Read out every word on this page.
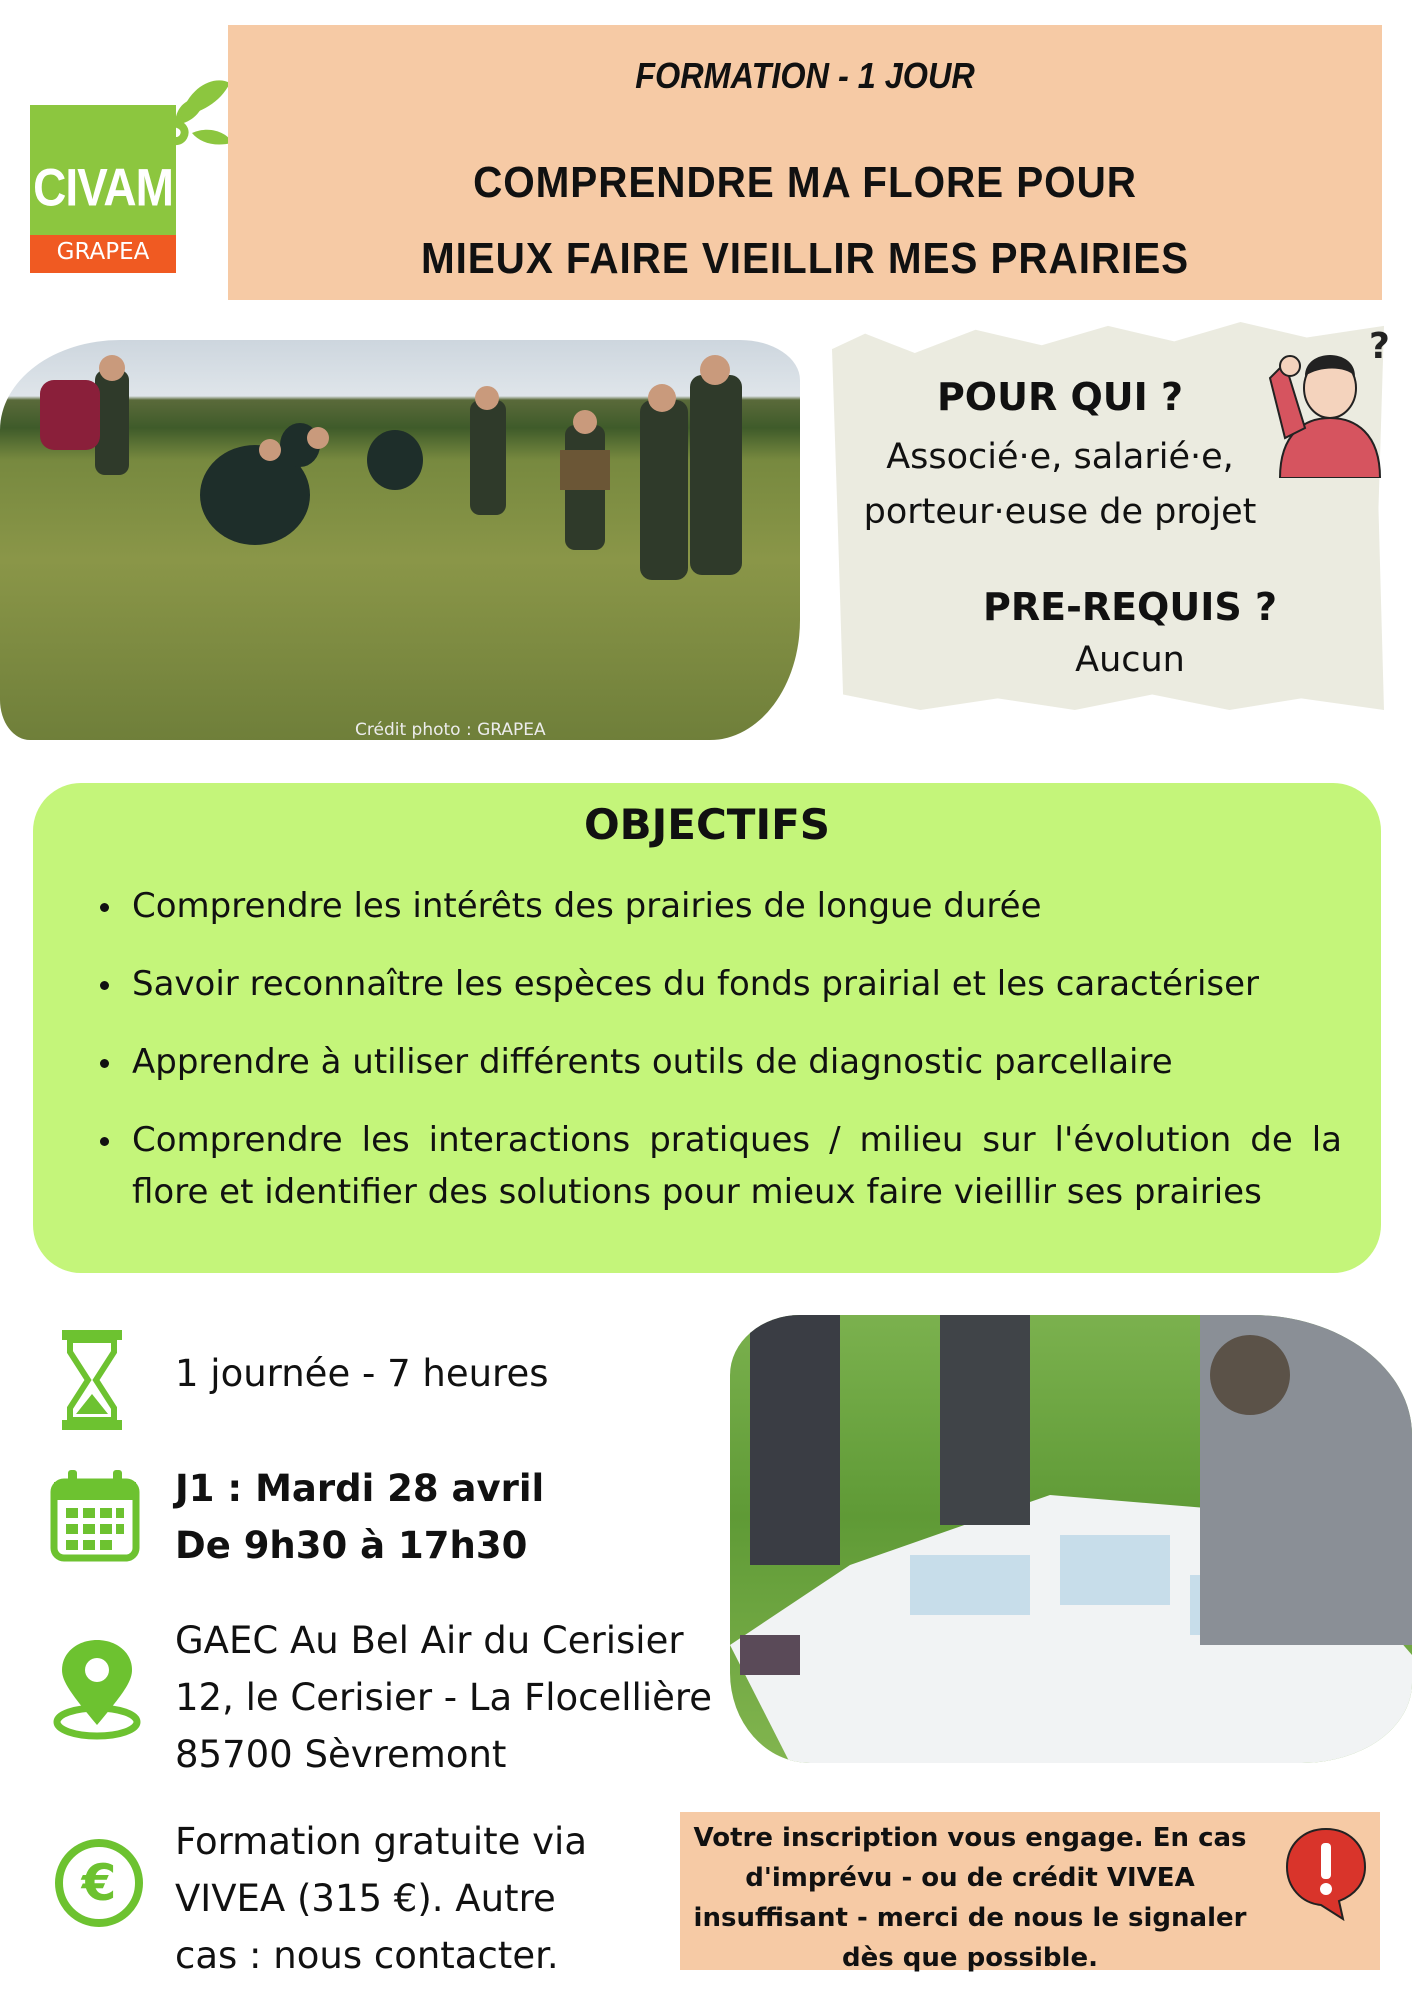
CIVAM
GRAPEA
FORMATION - 1 JOUR
COMPRENDRE MA FLORE POUR
MIEUX FAIRE VIEILLIR MES PRAIRIES
Crédit photo : GRAPEA
POUR QUI ?
Associé·e, salarié·e,
porteur·euse de projet
PRE-REQUIS ?
Aucun
?
OBJECTIFS
Comprendre les intérêts des prairies de longue durée
Savoir reconnaître les espèces du fonds prairial et les caractériser
Apprendre à utiliser différents outils de diagnostic parcellaire
Comprendre les interactions pratiques / milieu sur l'évolution de la flore et identifier des solutions pour mieux faire vieillir ses prairies
€
1 journée - 7 heures
J1 : Mardi 28 avril
De 9h30 à 17h30
GAEC Au Bel Air du Cerisier
12, le Cerisier - La Flocellière
85700 Sèvremont
Formation gratuite via
VIVEA (315 €). Autre
cas : nous contacter.
Votre inscription vous engage. En cas
d'imprévu - ou de crédit VIVEA
insuffisant - merci de nous le signaler
dès que possible.
